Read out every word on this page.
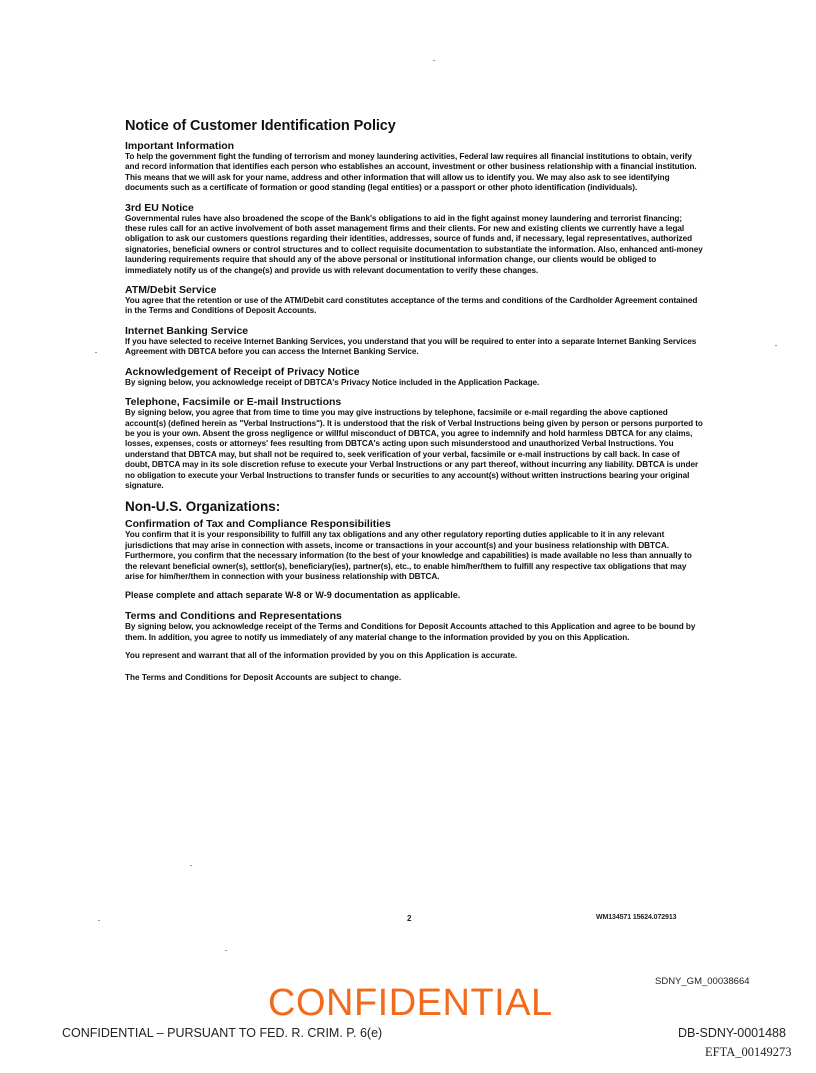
Notice of Customer Identification Policy
Important Information

To help the government fight the funding of terrorism and money laundering activities, Federal law requires all financial institutions to obtain, verify and record information that identifies each person who establishes an account, investment or other business relationship with a financial institution. This means that we will ask for your name, address and other information that will allow us to identify you. We may also ask to see identifying documents such as a certificate of formation or good standing (legal entities) or a passport or other photo identification (individuals).

3rd EU Notice

Governmental rules have also broadened the scope of the Bank's obligations to aid in the fight against money laundering and terrorist financing; these rules call for an active involvement of both asset management firms and their clients. For new and existing clients we currently have a legal obligation to ask our customers questions regarding their identities, addresses, source of funds and, if necessary, legal representatives, authorized signatories, beneficial owners or control structures and to collect requisite documentation to substantiate the information. Also, enhanced anti-money laundering requirements require that should any of the above personal or institutional information change, our clients would be obliged to immediately notify us of the change(s) and provide us with relevant documentation to verify these changes.

ATM/Debit Service

You agree that the retention or use of the ATM/Debit card constitutes acceptance of the terms and conditions of the Cardholder Agreement contained in the Terms and Conditions of Deposit Accounts.

Internet Banking Service

If you have selected to receive Internet Banking Services, you understand that you will be required to enter into a separate Internet Banking Services Agreement with DBTCA before you can access the Internet Banking Service.

Acknowledgement of Receipt of Privacy Notice

By signing below, you acknowledge receipt of DBTCA's Privacy Notice included in the Application Package.

Telephone, Facsimile or E-mail Instructions

By signing below, you agree that from time to time you may give instructions by telephone, facsimile or e-mail regarding the above captioned account(s) (defined herein as "Verbal Instructions"). It is understood that the risk of Verbal Instructions being given by person or persons purported to be you is your own. Absent the gross negligence or willful misconduct of DBTCA, you agree to indemnify and hold harmless DBTCA for any claims, losses, expenses, costs or attorneys' fees resulting from DBTCA's acting upon such misunderstood and unauthorized Verbal Instructions. You understand that DBTCA may, but shall not be required to, seek verification of your verbal, facsimile or e-mail instructions by call back. In case of doubt, DBTCA may in its sole discretion refuse to execute your Verbal Instructions or any part thereof, without incurring any liability. DBTCA is under no obligation to execute your Verbal Instructions to transfer funds or securities to any account(s) without written instructions bearing your original signature.

Non-U.S. Organizations:
Confirmation of Tax and Compliance Responsibilities

You confirm that it is your responsibility to fulfill any tax obligations and any other regulatory reporting duties applicable to it in any relevant jurisdictions that may arise in connection with assets, income or transactions in your account(s) and your business relationship with DBTCA. Furthermore, you confirm that the necessary information (to the best of your knowledge and capabilities) is made available no less than annually to the relevant beneficial owner(s), settlor(s), beneficiary(ies), partner(s), etc., to enable him/her/them to fulfill any respective tax obligations that may arise for him/her/them in connection with your business relationship with DBTCA.

Please complete and attach separate W-8 or W-9 documentation as applicable.

Terms and Conditions and Representations

By signing below, you acknowledge receipt of the Terms and Conditions for Deposit Accounts attached to this Application and agree to be bound by them. In addition, you agree to notify us immediately of any material change to the information provided by you on this Application.

You represent and warrant that all of the information provided by you on this Application is accurate.

The Terms and Conditions for Deposit Accounts are subject to change.

2	WM134571 15624.072913
SDNY_GM_00038664
CONFIDENTIAL
CONFIDENTIAL – PURSUANT TO FED. R. CRIM. P. 6(e)	DB-SDNY-0001488
EFTA_00149273
